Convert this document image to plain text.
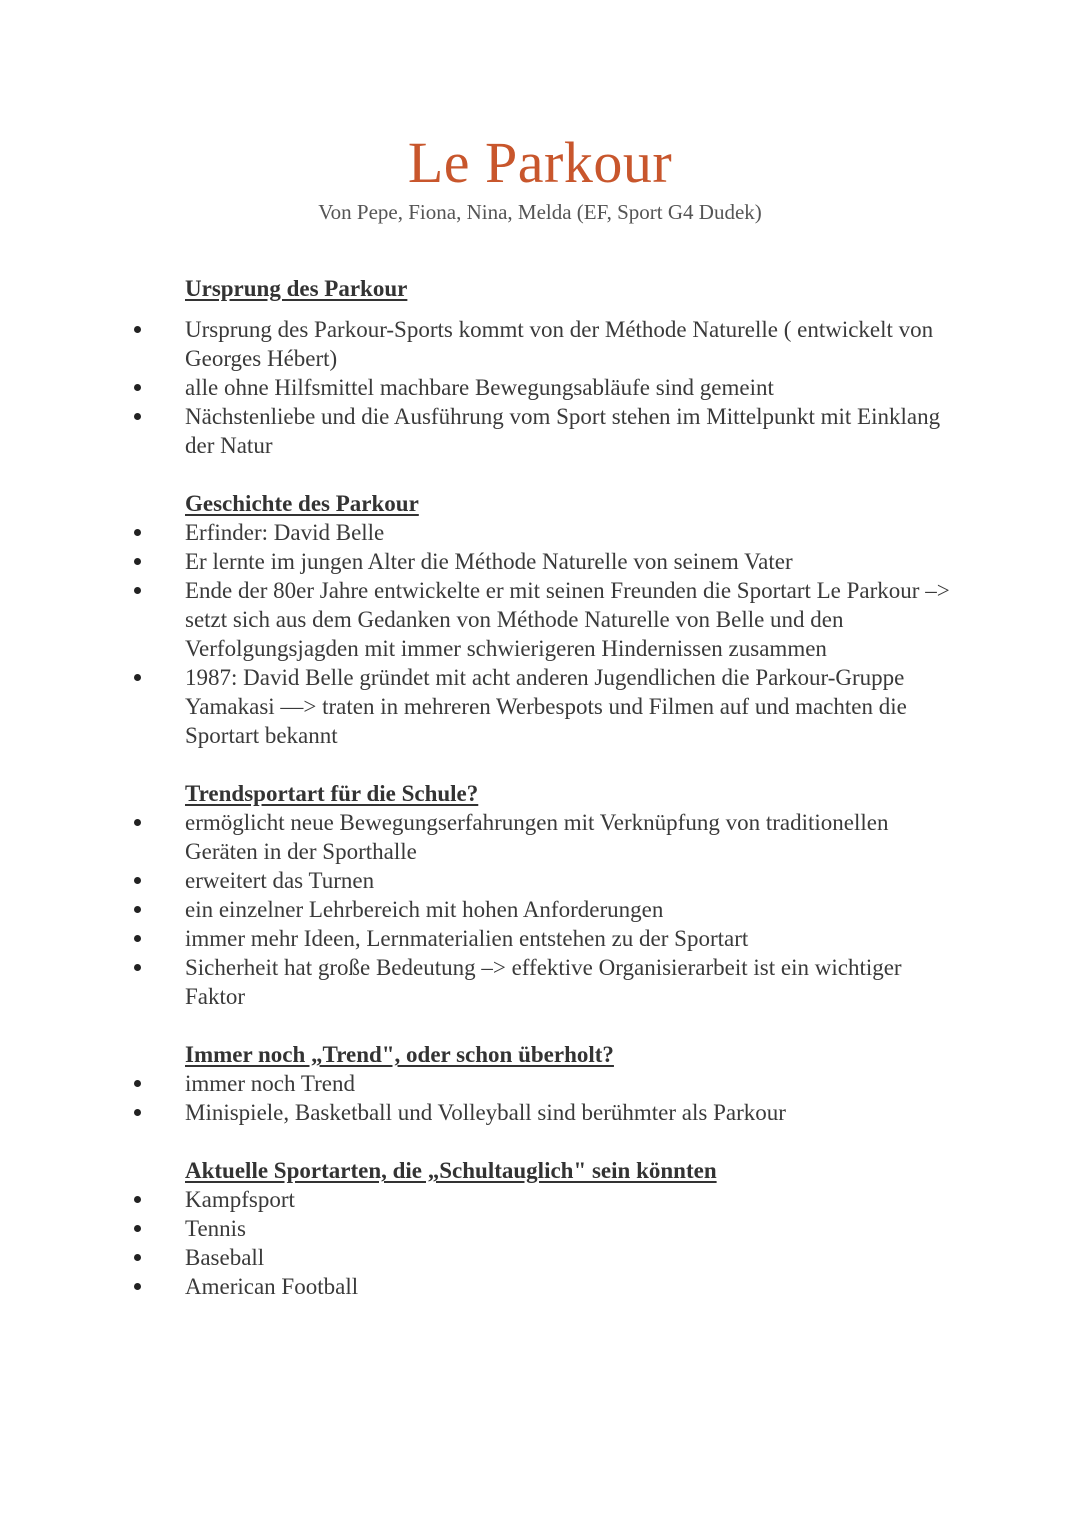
Le Parkour
Von Pepe, Fiona, Nina, Melda (EF, Sport G4 Dudek)
Ursprung des Parkour
Ursprung des Parkour-Sports kommt von der Méthode Naturelle ( entwickelt von Georges Hébert)
alle ohne Hilfsmittel machbare Bewegungsabläufe sind gemeint
Nächstenliebe und die Ausführung vom Sport stehen im Mittelpunkt mit Einklang der Natur
Geschichte des Parkour
Erfinder: David Belle
Er lernte im jungen Alter die Méthode Naturelle von seinem Vater
Ende der 80er Jahre entwickelte er mit seinen Freunden die Sportart Le Parkour –> setzt sich aus dem Gedanken von Méthode Naturelle von Belle und den Verfolgungsjagden mit immer schwierigeren Hindernissen zusammen
1987: David Belle gründet mit acht anderen Jugendlichen die Parkour-Gruppe Yamakasi —> traten in mehreren Werbespots und Filmen auf und machten die Sportart bekannt
Trendsportart für die Schule?
ermöglicht neue Bewegungserfahrungen mit Verknüpfung von traditionellen Geräten in der Sporthalle
erweitert das Turnen
ein einzelner Lehrbereich mit hohen Anforderungen
immer mehr Ideen, Lernmaterialien entstehen zu der Sportart
Sicherheit hat große Bedeutung –> effektive Organisierarbeit ist ein wichtiger Faktor
Immer noch „Trend", oder schon überholt?
immer noch Trend
Minispiele, Basketball und Volleyball sind berühmter als Parkour
Aktuelle Sportarten, die „Schultauglich" sein könnten
Kampfsport
Tennis
Baseball
American Football
